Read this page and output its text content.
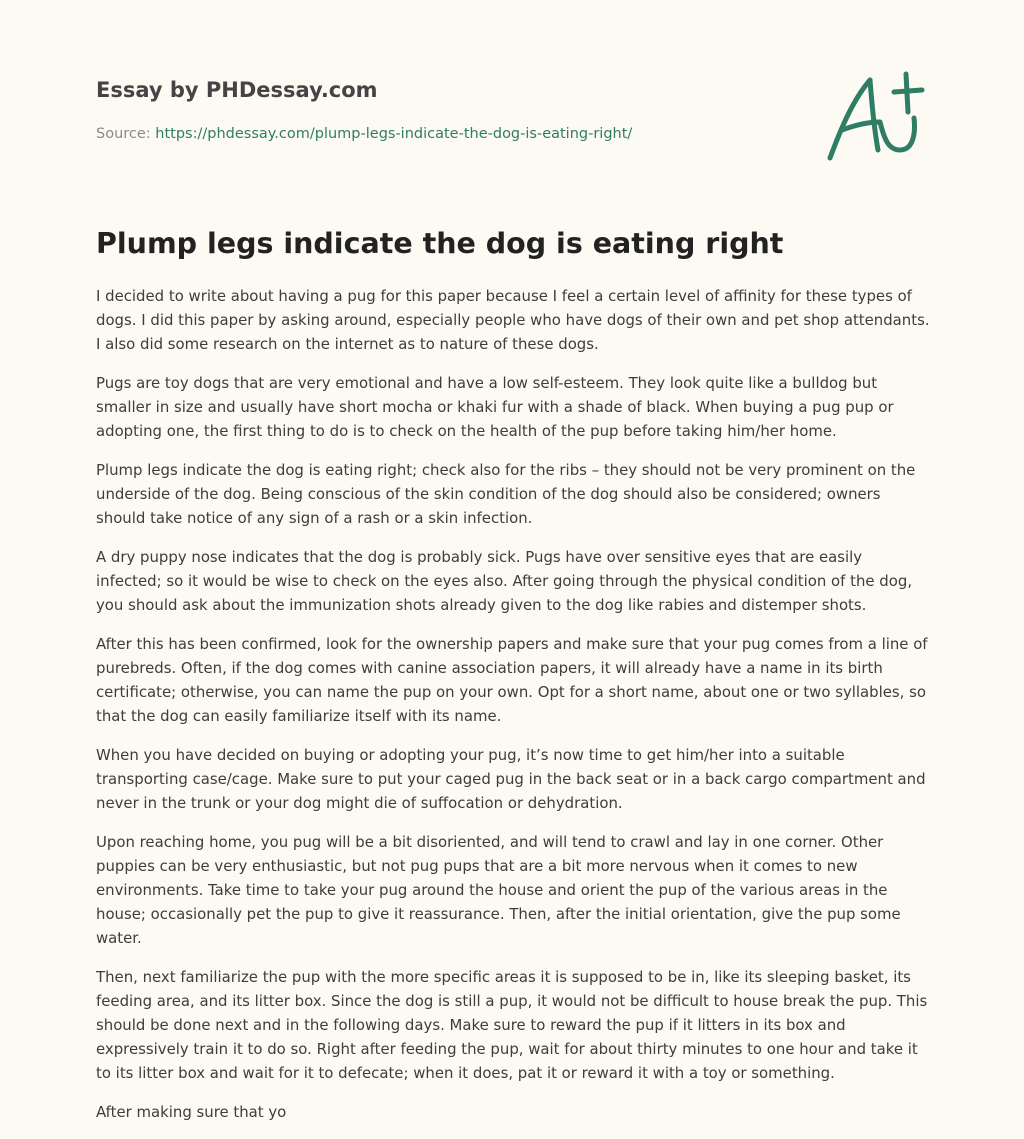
Essay by PHDessay.com
Source: https://phdessay.com/plump-legs-indicate-the-dog-is-eating-right/
Plump legs indicate the dog is eating right

I decided to write about having a pug for this paper because I feel a certain level of affinity for these types of dogs. I did this paper by asking around, especially people who have dogs of their own and pet shop attendants. I also did some research on the internet as to nature of these dogs.

Pugs are toy dogs that are very emotional and have a low self-esteem. They look quite like a bulldog but smaller in size and usually have short mocha or khaki fur with a shade of black. When buying a pug pup or adopting one, the first thing to do is to check on the health of the pup before taking him/her home.

Plump legs indicate the dog is eating right; check also for the ribs – they should not be very prominent on the underside of the dog. Being conscious of the skin condition of the dog should also be considered; owners should take notice of any sign of a rash or a skin infection.

A dry puppy nose indicates that the dog is probably sick. Pugs have over sensitive eyes that are easily infected; so it would be wise to check on the eyes also. After going through the physical condition of the dog, you should ask about the immunization shots already given to the dog like rabies and distemper shots.

After this has been confirmed, look for the ownership papers and make sure that your pug comes from a line of purebreds. Often, if the dog comes with canine association papers, it will already have a name in its birth certificate; otherwise, you can name the pup on your own. Opt for a short name, about one or two syllables, so that the dog can easily familiarize itself with its name.

When you have decided on buying or adopting your pug, it’s now time to get him/her into a suitable transporting case/cage. Make sure to put your caged pug in the back seat or in a back cargo compartment and never in the trunk or your dog might die of suffocation or dehydration.

Upon reaching home, you pug will be a bit disoriented, and will tend to crawl and lay in one corner. Other puppies can be very enthusiastic, but not pug pups that are a bit more nervous when it comes to new environments. Take time to take your pug around the house and orient the pup of the various areas in the house; occasionally pet the pup to give it reassurance. Then, after the initial orientation, give the pup some water.

Then, next familiarize the pup with the more specific areas it is supposed to be in, like its sleeping basket, its feeding area, and its litter box. Since the dog is still a pup, it would not be difficult to house break the pup. This should be done next and in the following days. Make sure to reward the pup if it litters in its box and expressively train it to do so. Right after feeding the pup, wait for about thirty minutes to one hour and take it to its litter box and wait for it to defecate; when it does, pat it or reward it with a toy or something.

After making sure that yo
